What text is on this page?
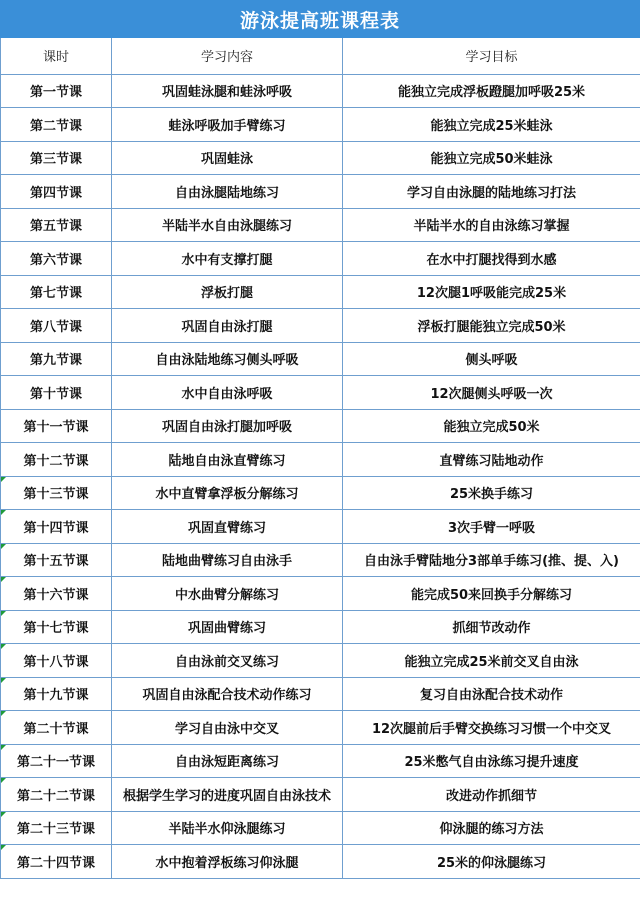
游泳提高班课程表
课时	学习内容	学习目标
第一节课	巩固蛙泳腿和蛙泳呼吸	能独立完成浮板蹬腿加呼吸25米
第二节课	蛙泳呼吸加手臂练习	能独立完成25米蛙泳
第三节课	巩固蛙泳	能独立完成50米蛙泳
第四节课	自由泳腿陆地练习	学习自由泳腿的陆地练习打法
第五节课	半陆半水自由泳腿练习	半陆半水的自由泳练习掌握
第六节课	水中有支撑打腿	在水中打腿找得到水感
第七节课	浮板打腿	12次腿1呼吸能完成25米
第八节课	巩固自由泳打腿	浮板打腿能独立完成50米
第九节课	自由泳陆地练习侧头呼吸	侧头呼吸
第十节课	水中自由泳呼吸	12次腿侧头呼吸一次
第十一节课	巩固自由泳打腿加呼吸	能独立完成50米
第十二节课	陆地自由泳直臂练习	直臂练习陆地动作

第十三节课	水中直臂拿浮板分解练习	25米换手练习

第十四节课	巩固直臂练习	3次手臂一呼吸

第十五节课	陆地曲臂练习自由泳手	自由泳手臂陆地分3部单手练习(推、提、入)

第十六节课	中水曲臂分解练习	能完成50来回换手分解练习

第十七节课	巩固曲臂练习	抓细节改动作

第十八节课	自由泳前交叉练习	能独立完成25米前交叉自由泳

第十九节课	巩固自由泳配合技术动作练习	复习自由泳配合技术动作

第二十节课	学习自由泳中交叉	12次腿前后手臂交换练习习惯一个中交叉

第二十一节课	自由泳短距离练习	25米憋气自由泳练习提升速度

第二十二节课	根据学生学习的进度巩固自由泳技术	改进动作抓细节

第二十三节课	半陆半水仰泳腿练习	仰泳腿的练习方法

第二十四节课	水中抱着浮板练习仰泳腿	25米的仰泳腿练习
